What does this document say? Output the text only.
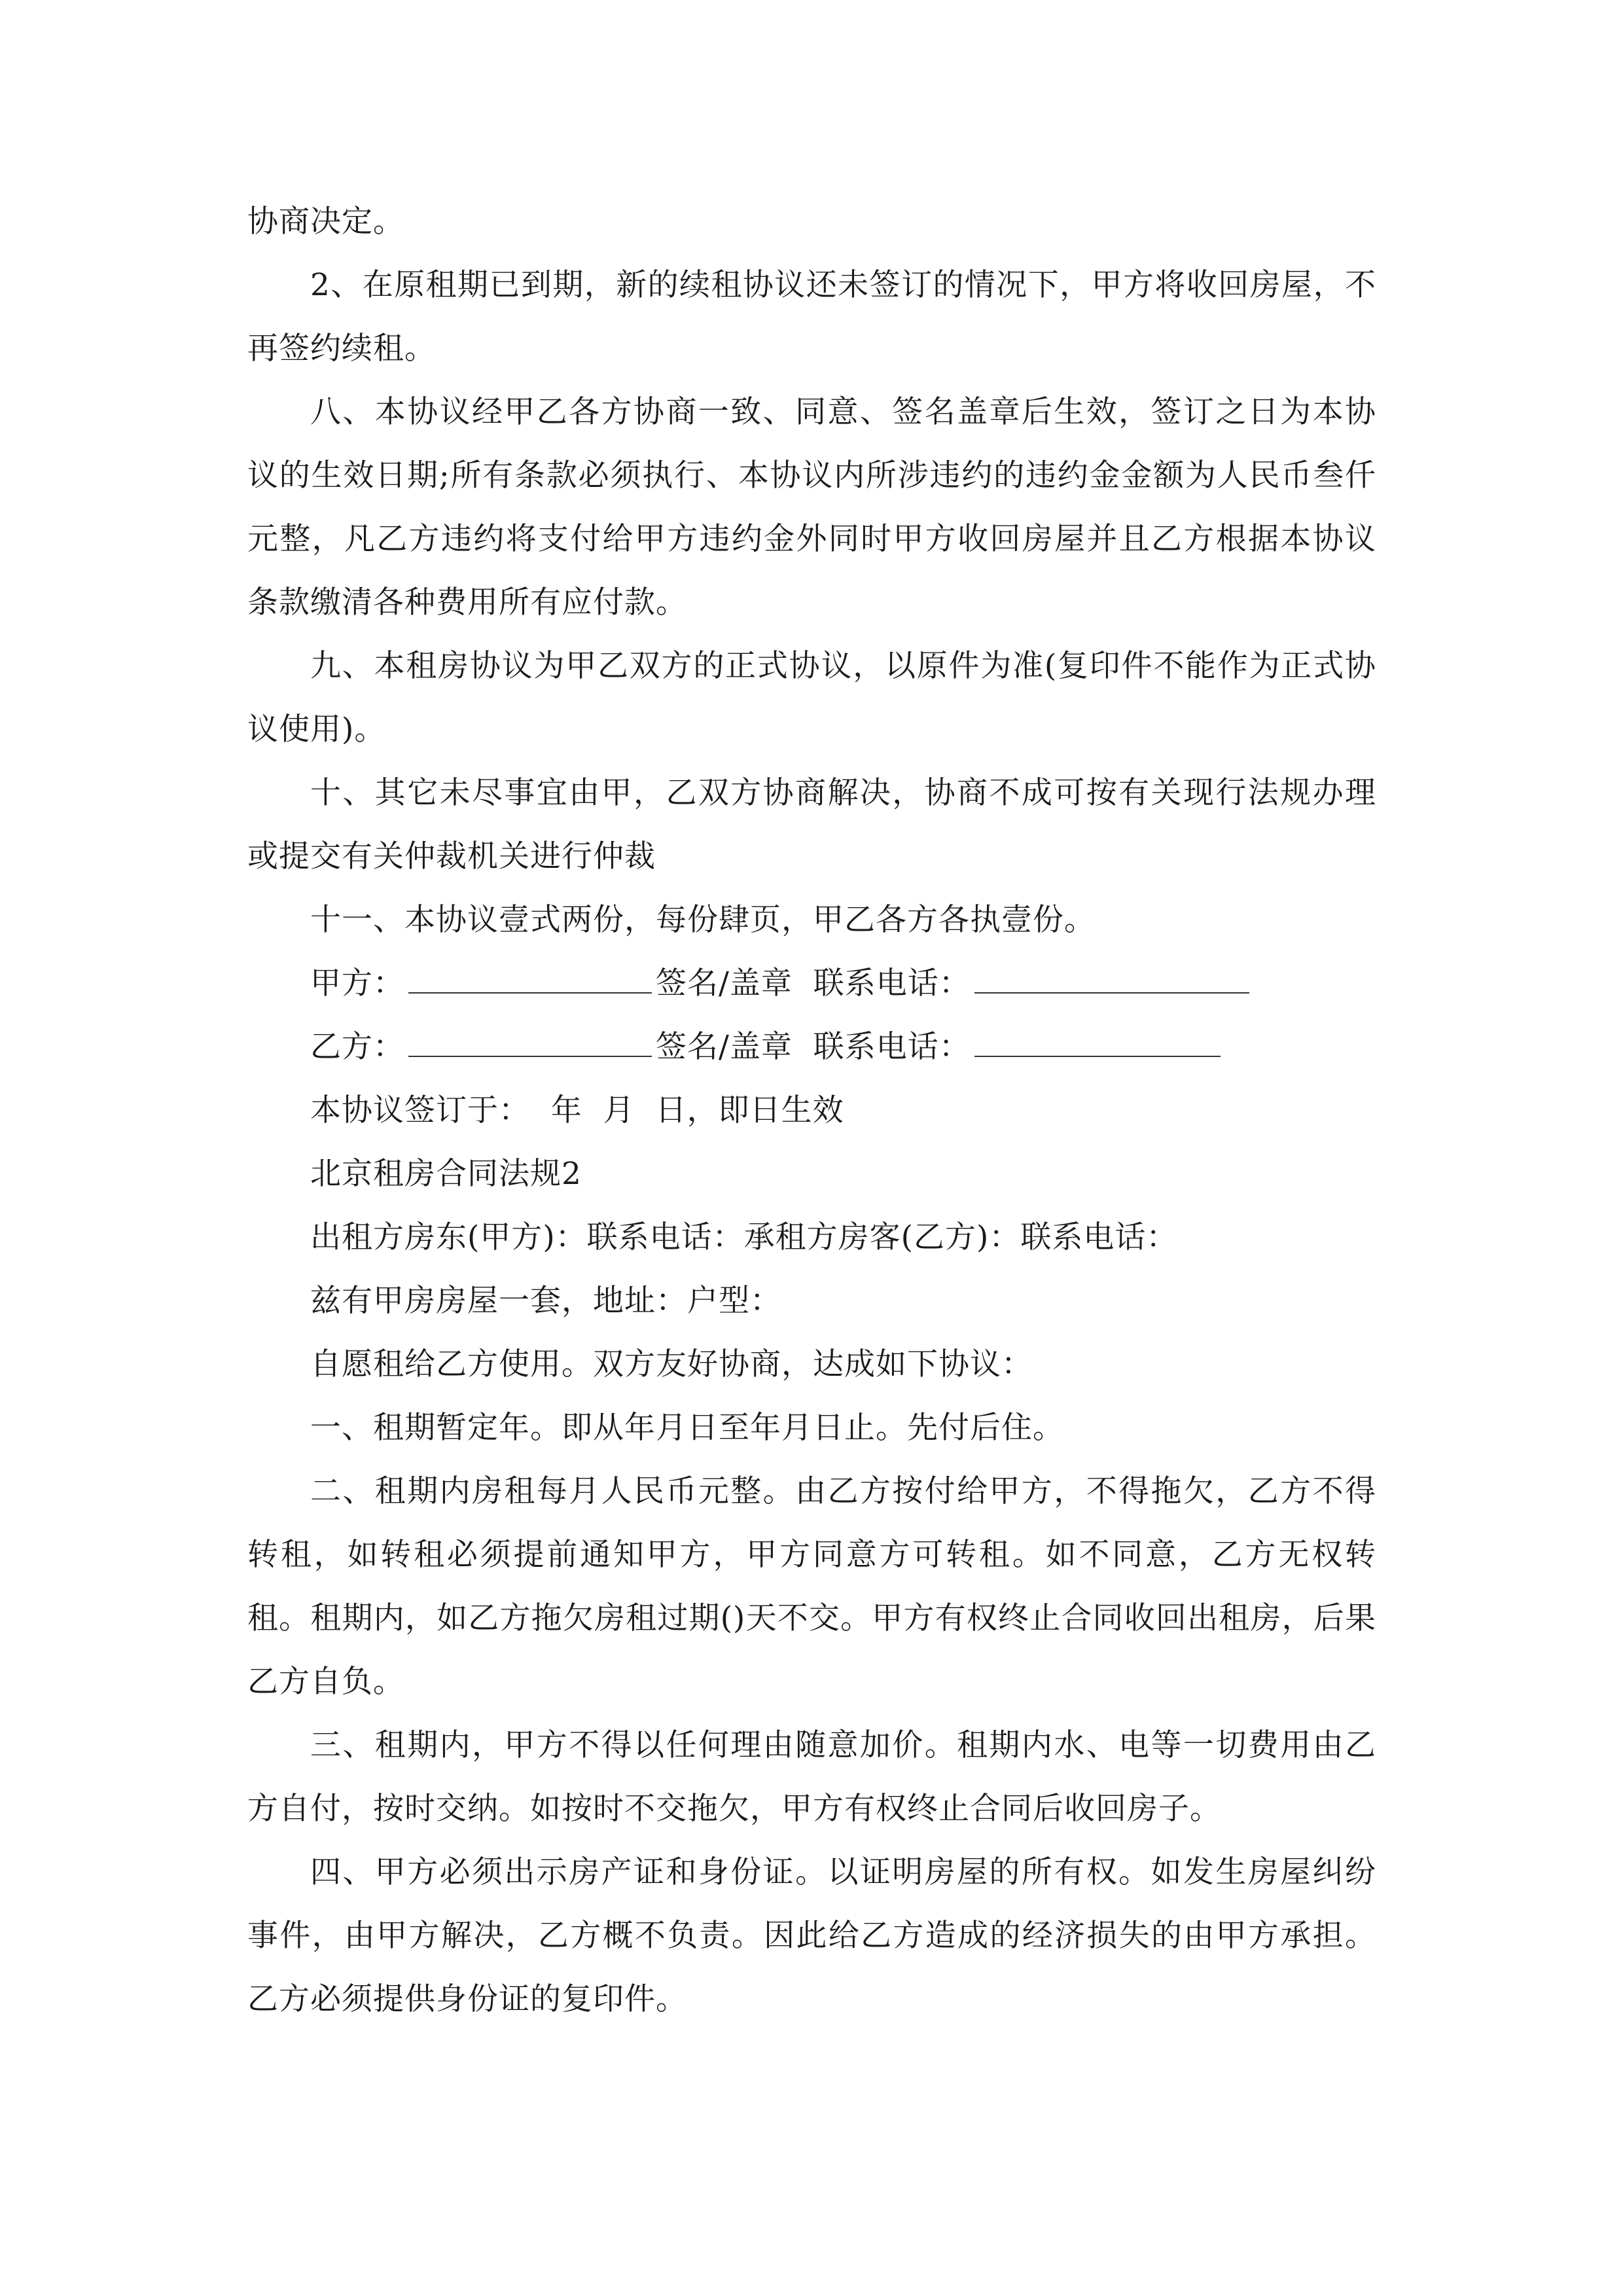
协商决定。

2、在原租期已到期，新的续租协议还未签订的情况下，甲方将收回房屋，不再签约续租。

八、本协议经甲乙各方协商一致、同意、签名盖章后生效，签订之日为本协议的生效日期;所有条款必须执行、本协议内所涉违约的违约金金额为人民币叁仟元整，凡乙方违约将支付给甲方违约金外同时甲方收回房屋并且乙方根据本协议条款缴清各种费用所有应付款。

九、本租房协议为甲乙双方的正式协议，以原件为准(复印件不能作为正式协议使用)。

十、其它未尽事宜由甲，乙双方协商解决，协商不成可按有关现行法规办理或提交有关仲裁机关进行仲裁

十一、本协议壹式两份，每份肆页，甲乙各方各执壹份。

甲方：	签名/盖章 联系电话：
乙方：	签名/盖章 联系电话：

本协议签订于：  年  月  日，即日生效

北京租房合同法规2

出租方房东(甲方)：联系电话：承租方房客(乙方)：联系电话：

兹有甲房房屋一套，地址：户型：

自愿租给乙方使用。双方友好协商，达成如下协议：

一、租期暂定年。即从年月日至年月日止。先付后住。

二、租期内房租每月人民币元整。由乙方按付给甲方，不得拖欠，乙方不得转租，如转租必须提前通知甲方，甲方同意方可转租。如不同意，乙方无权转租。租期内，如乙方拖欠房租过期()天不交。甲方有权终止合同收回出租房，后果乙方自负。

三、租期内，甲方不得以任何理由随意加价。租期内水、电等一切费用由乙方自付，按时交纳。如按时不交拖欠，甲方有权终止合同后收回房子。

四、甲方必须出示房产证和身份证。以证明房屋的所有权。如发生房屋纠纷事件，由甲方解决，乙方概不负责。因此给乙方造成的经济损失的由甲方承担。乙方必须提供身份证的复印件。
